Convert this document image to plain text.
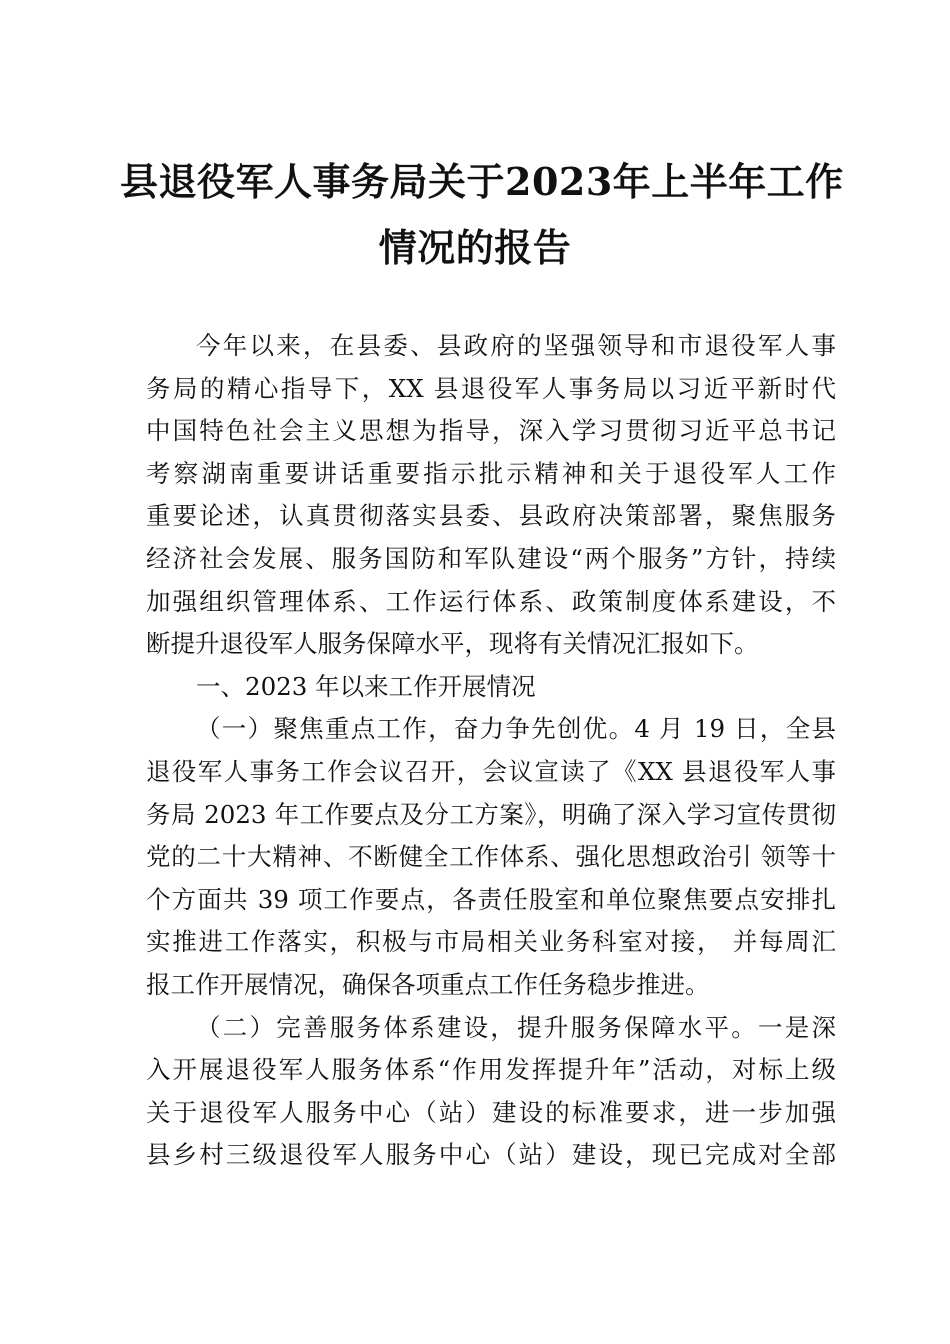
县退役军人事务局关于2023年上半年工作
情况的报告
今年以来，在县委、县政府的坚强领导和市退役军人事
务局的精心指导下，XX 县退役军人事务局以习近平新时代
中国特色社会主义思想为指导，深入学习贯彻习近平总书记
考察湖南重要讲话重要指示批示精神和关于退役军人工作
重要论述，认真贯彻落实县委、县政府决策部署，聚焦服务
经济社会发展、服务国防和军队建设“两个服务”方针，持续
加强组织管理体系、工作运行体系、政策制度体系建设，不
断提升退役军人服务保障水平，现将有关情况汇报如下。
一、2023 年以来工作开展情况
（一）聚焦重点工作，奋力争先创优。4 月 19 日，全县
退役军人事务工作会议召开，会议宣读了《XX 县退役军人事
务局 2023 年工作要点及分工方案》，明确了深入学习宣传贯彻
党的二十大精神、不断健全工作体系、强化思想政治引 领等十
个方面共 39 项工作要点，各责任股室和单位聚焦要点安排扎
实推进工作落实，积极与市局相关业务科室对接， 并每周汇
报工作开展情况，确保各项重点工作任务稳步推进。
（二）完善服务体系建设，提升服务保障水平。一是深
入开展退役军人服务体系“作用发挥提升年”活动，对标上级
关于退役军人服务中心（站）建设的标准要求，进一步加强
县乡村三级退役军人服务中心（站）建设，现已完成对全部
